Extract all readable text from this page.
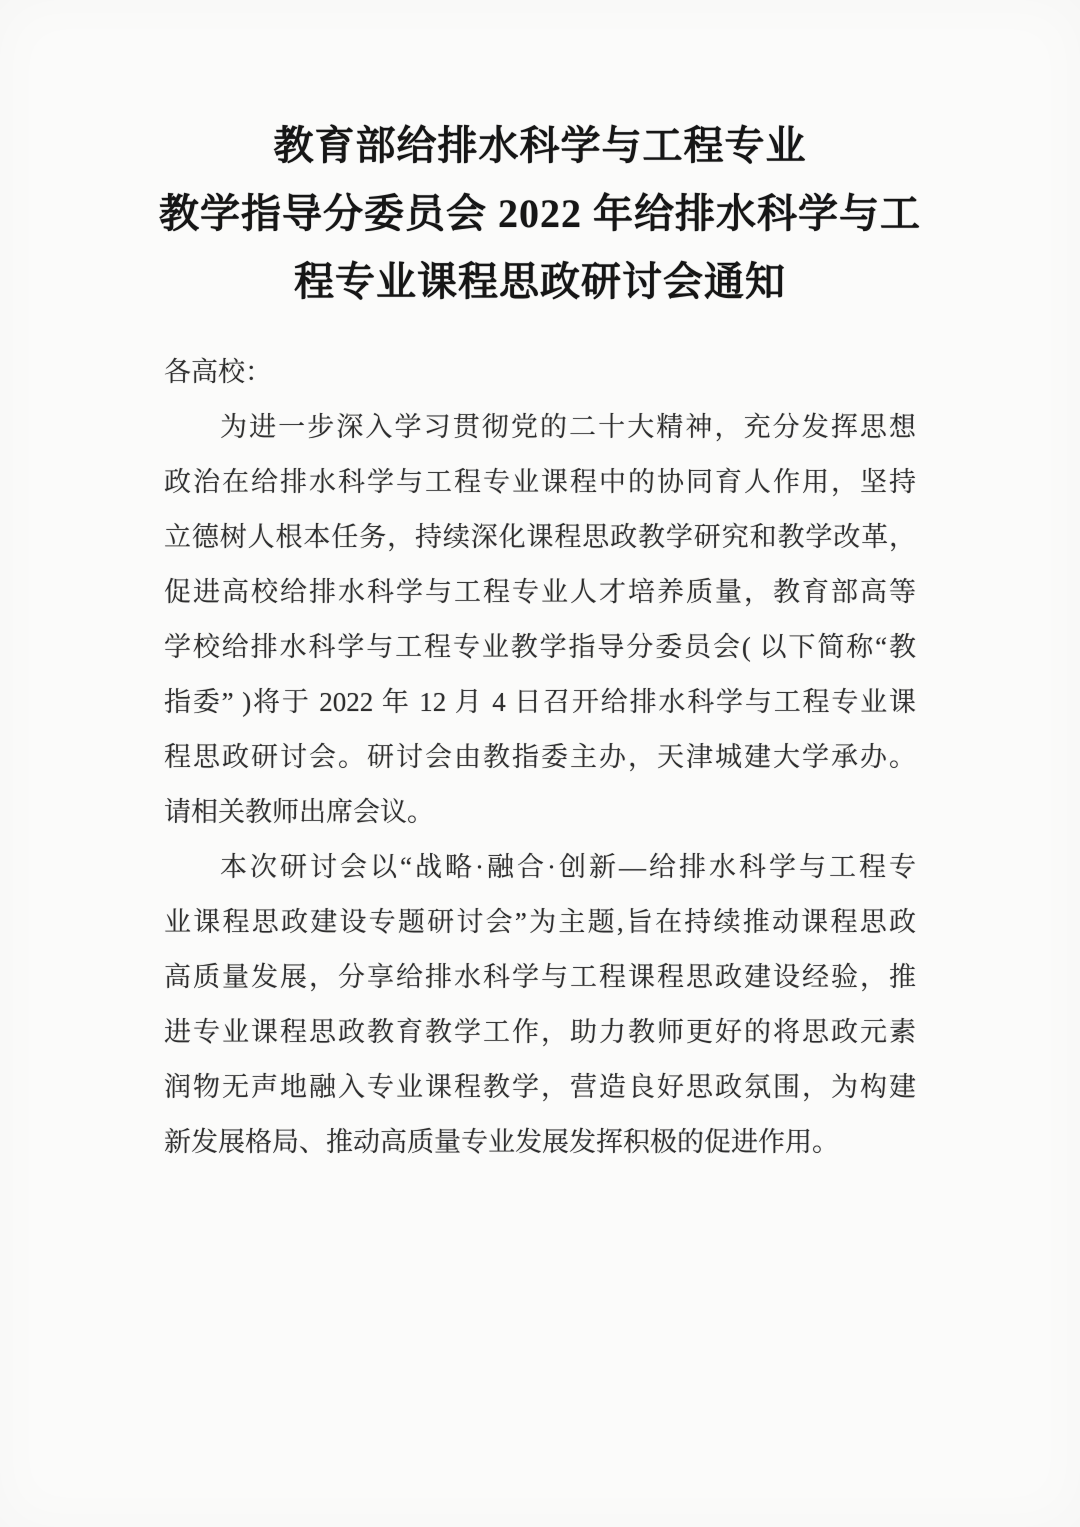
教育部给排水科学与工程专业
教学指导分委员会 2022 年给排水科学与工
程专业课程思政研讨会通知
各高校：
为进一步深入学习贯彻党的二十大精神，充分发挥思想
政治在给排水科学与工程专业课程中的协同育人作用，坚持
立德树人根本任务，持续深化课程思政教学研究和教学改革，
促进高校给排水科学与工程专业人才培养质量，教育部高等
学校给排水科学与工程专业教学指导分委员会( 以下简称“教
指委” )将于 2022 年 12 月 4 日召开给排水科学与工程专业课
程思政研讨会。研讨会由教指委主办，天津城建大学承办。
请相关教师出席会议。
本次研讨会以“战略·融合·创新—给排水科学与工程专
业课程思政建设专题研讨会”为主题,旨在持续推动课程思政
高质量发展，分享给排水科学与工程课程思政建设经验，推
进专业课程思政教育教学工作，助力教师更好的将思政元素
润物无声地融入专业课程教学，营造良好思政氛围，为构建
新发展格局、推动高质量专业发展发挥积极的促进作用。
